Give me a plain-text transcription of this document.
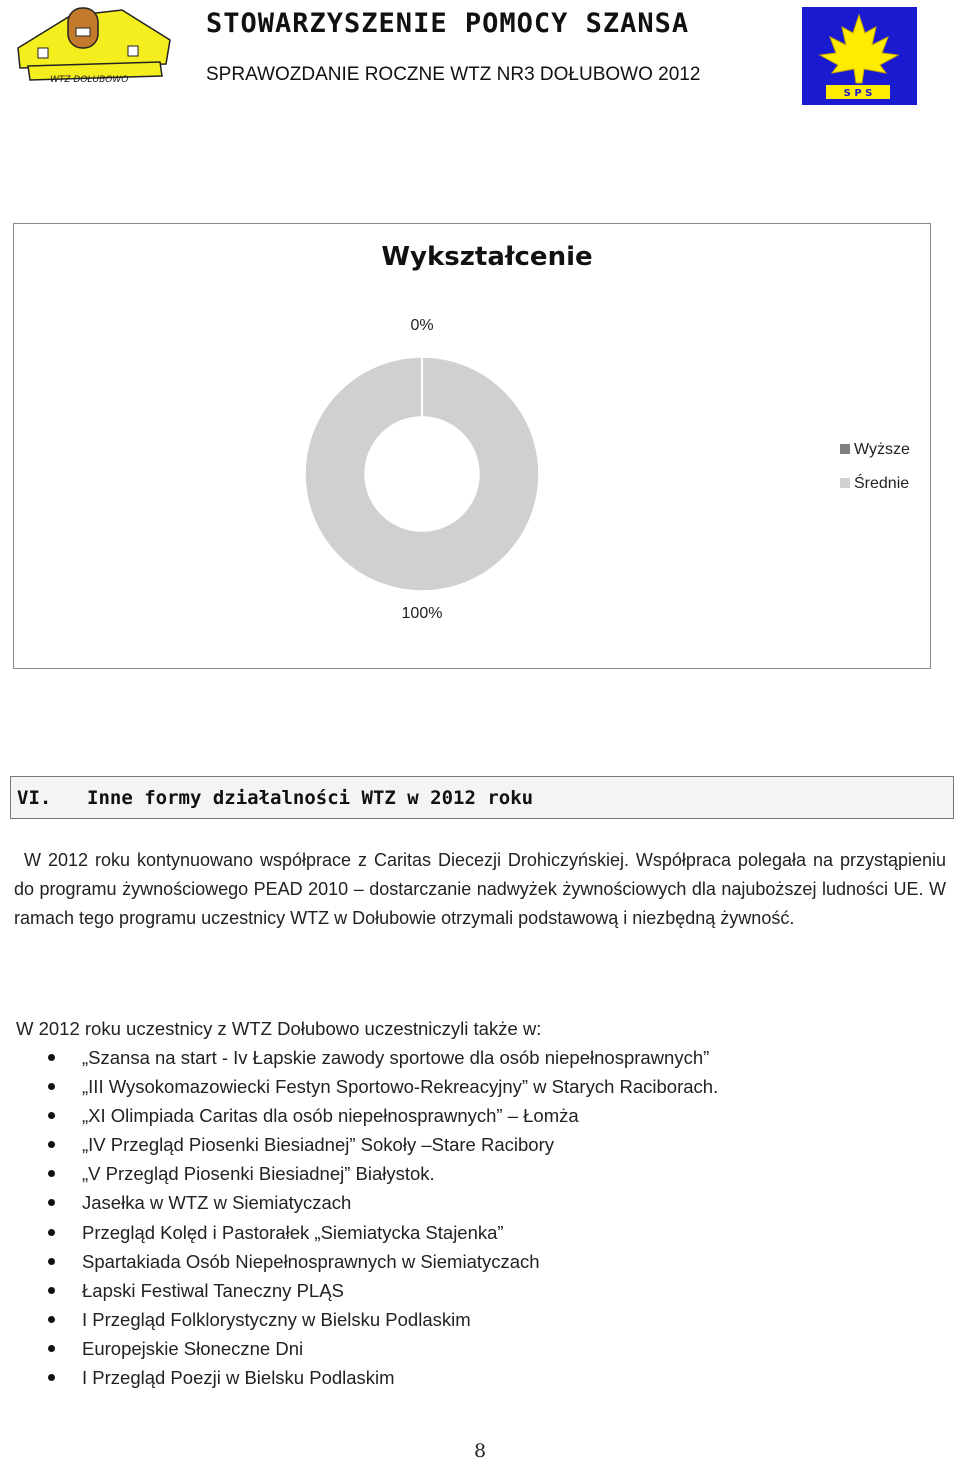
WTZ DOŁUBOWO
STOWARZYSZENIE POMOCY SZANSA
SPRAWOZDANIE ROCZNE WTZ NR3 DOŁUBOWO 2012
S P S
Wykształcenie
0%
100%
Wyższe
Średnie
VI.	Inne formy działalności WTZ w 2012 roku

W 2012 roku kontynuowano współprace z Caritas Diecezji Drohiczyńskiej. Współpraca polegała na przystąpieniu do programu żywnościowego PEAD 2010 – dostarczanie nadwyżek żywnościowych dla najuboższej ludności UE. W ramach tego programu uczestnicy WTZ w Dołubowie otrzymali podstawową i niezbędną żywność.

W 2012 roku uczestnicy z WTZ Dołubowo uczestniczyli także w:

„Szansa na start - Iv Łapskie zawody sportowe dla osób niepełnosprawnych”
„III Wysokomazowiecki Festyn Sportowo-Rekreacyjny” w Starych Raciborach.
„XI Olimpiada Caritas dla osób niepełnosprawnych” – Łomża
„IV Przegląd Piosenki Biesiadnej” Sokoły –Stare Racibory
„V Przegląd Piosenki Biesiadnej” Białystok.
Jasełka w WTZ w Siemiatyczach
Przegląd Kolęd i Pastorałek „Siemiatycka Stajenka”
Spartakiada Osób Niepełnosprawnych w Siemiatyczach
Łapski Festiwal Taneczny PLĄS
I Przegląd Folklorystyczny w Bielsku Podlaskim
Europejskie Słoneczne Dni
I Przegląd Poezji w Bielsku Podlaskim
8
